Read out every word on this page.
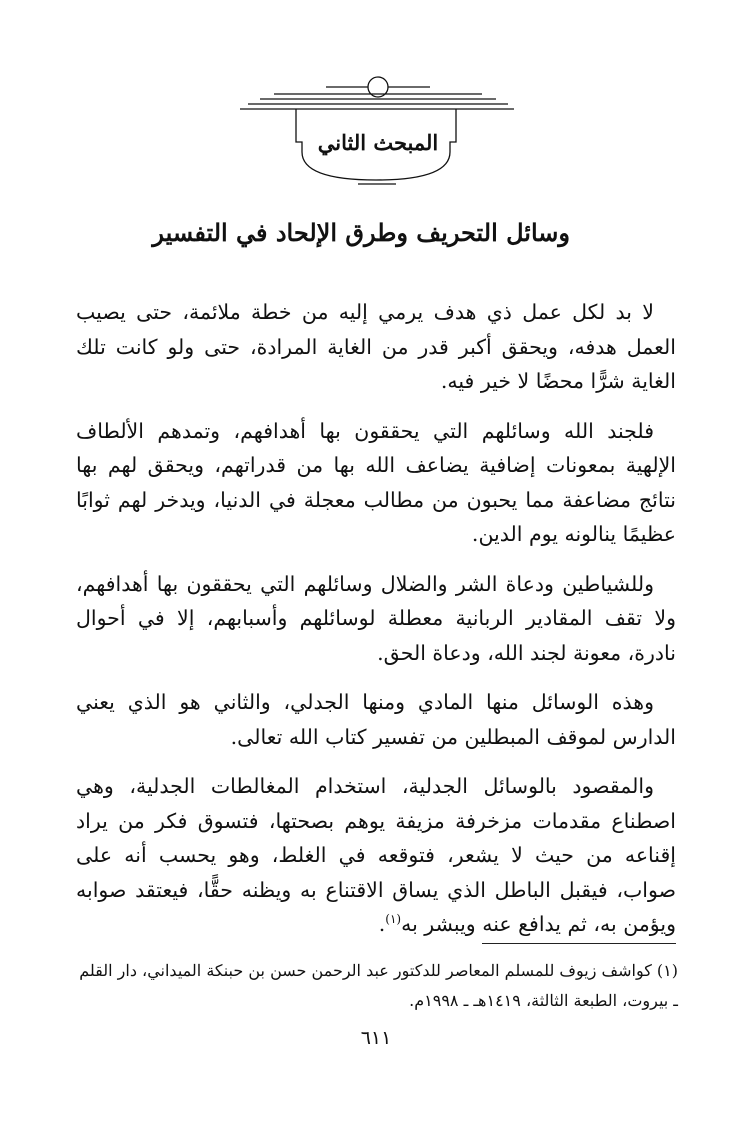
المبحث الثاني
وسائل التحريف وطرق الإلحاد في التفسير

لا بد لكل عمل ذي هدف يرمي إليه من خطة ملائمة، حتى يصيب العمل هدفه، ويحقق أكبر قدر من الغاية المرادة، حتى ولو كانت تلك الغاية شرًّا محضًا لا خير فيه.

فلجند الله وسائلهم التي يحققون بها أهدافهم، وتمدهم الألطاف الإلهية بمعونات إضافية يضاعف الله بها من قدراتهم، ويحقق لهم بها نتائج مضاعفة مما يحبون من مطالب معجلة في الدنيا، ويدخر لهم ثوابًا عظيمًا ينالونه يوم الدين.

وللشياطين ودعاة الشر والضلال وسائلهم التي يحققون بها أهدافهم، ولا تقف المقادير الربانية معطلة لوسائلهم وأسبابهم، إلا في أحوال نادرة، معونة لجند الله، ودعاة الحق.

وهذه الوسائل منها المادي ومنها الجدلي، والثاني هو الذي يعني الدارس لموقف المبطلين من تفسير كتاب الله تعالى.

والمقصود بالوسائل الجدلية، استخدام المغالطات الجدلية، وهي اصطناع مقدمات مزخرفة مزيفة يوهم بصحتها، فتسوق فكر من يراد إقناعه من حيث لا يشعر، فتوقعه في الغلط، وهو يحسب أنه على صواب، فيقبل الباطل الذي يساق الاقتناع به ويظنه حقًّا، فيعتقد صوابه ويؤمن به، ثم يدافع عنه ويبشر به$^{(١)}$.

(١) كواشف زيوف للمسلم المعاصر للدكتور عبد الرحمن حسن بن حبنكة الميداني، دار القلم ـ بيروت، الطبعة الثالثة، ١٤١٩هـ ـ ١٩٩٨م.
٦١١
